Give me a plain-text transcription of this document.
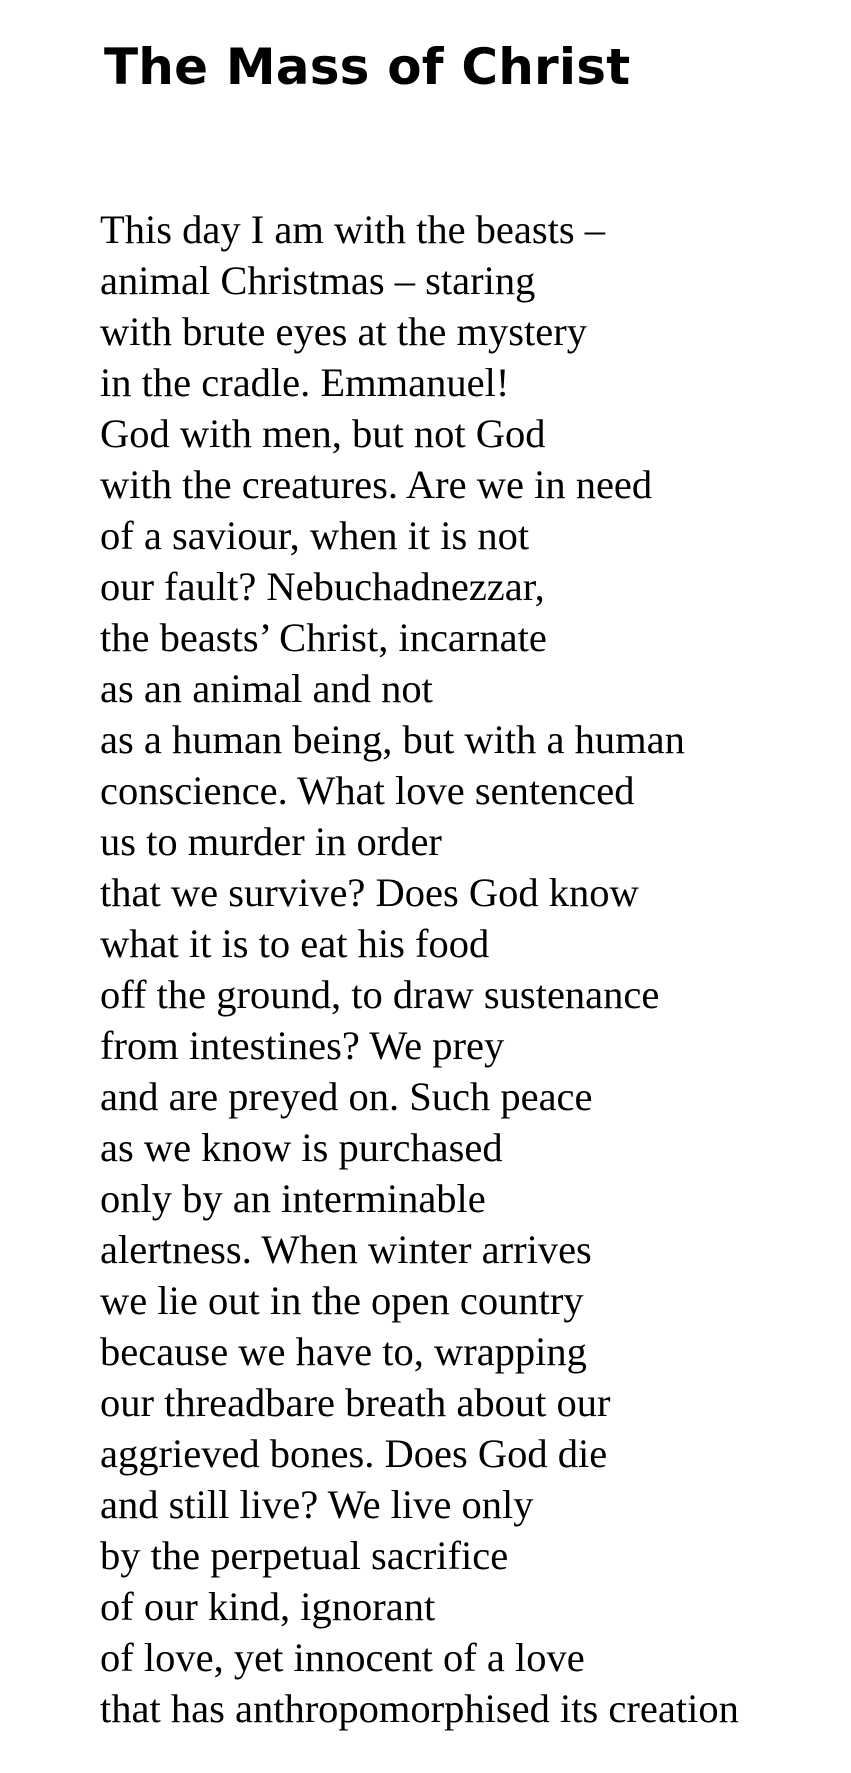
The Mass of Christ
This day I am with the beasts –
animal Christmas – staring
with brute eyes at the mystery
in the cradle. Emmanuel!
God with men, but not God
with the creatures. Are we in need
of a saviour, when it is not
our fault? Nebuchadnezzar,
the beasts’ Christ, incarnate
as an animal and not
as a human being, but with a human
conscience. What love sentenced
us to murder in order
that we survive? Does God know
what it is to eat his food
off the ground, to draw sustenance
from intestines? We prey
and are preyed on. Such peace
as we know is purchased
only by an interminable
alertness. When winter arrives
we lie out in the open country
because we have to, wrapping
our threadbare breath about our
aggrieved bones. Does God die
and still live? We live only
by the perpetual sacrifice
of our kind, ignorant
of love, yet innocent of a love
that has anthropomorphised its creation
